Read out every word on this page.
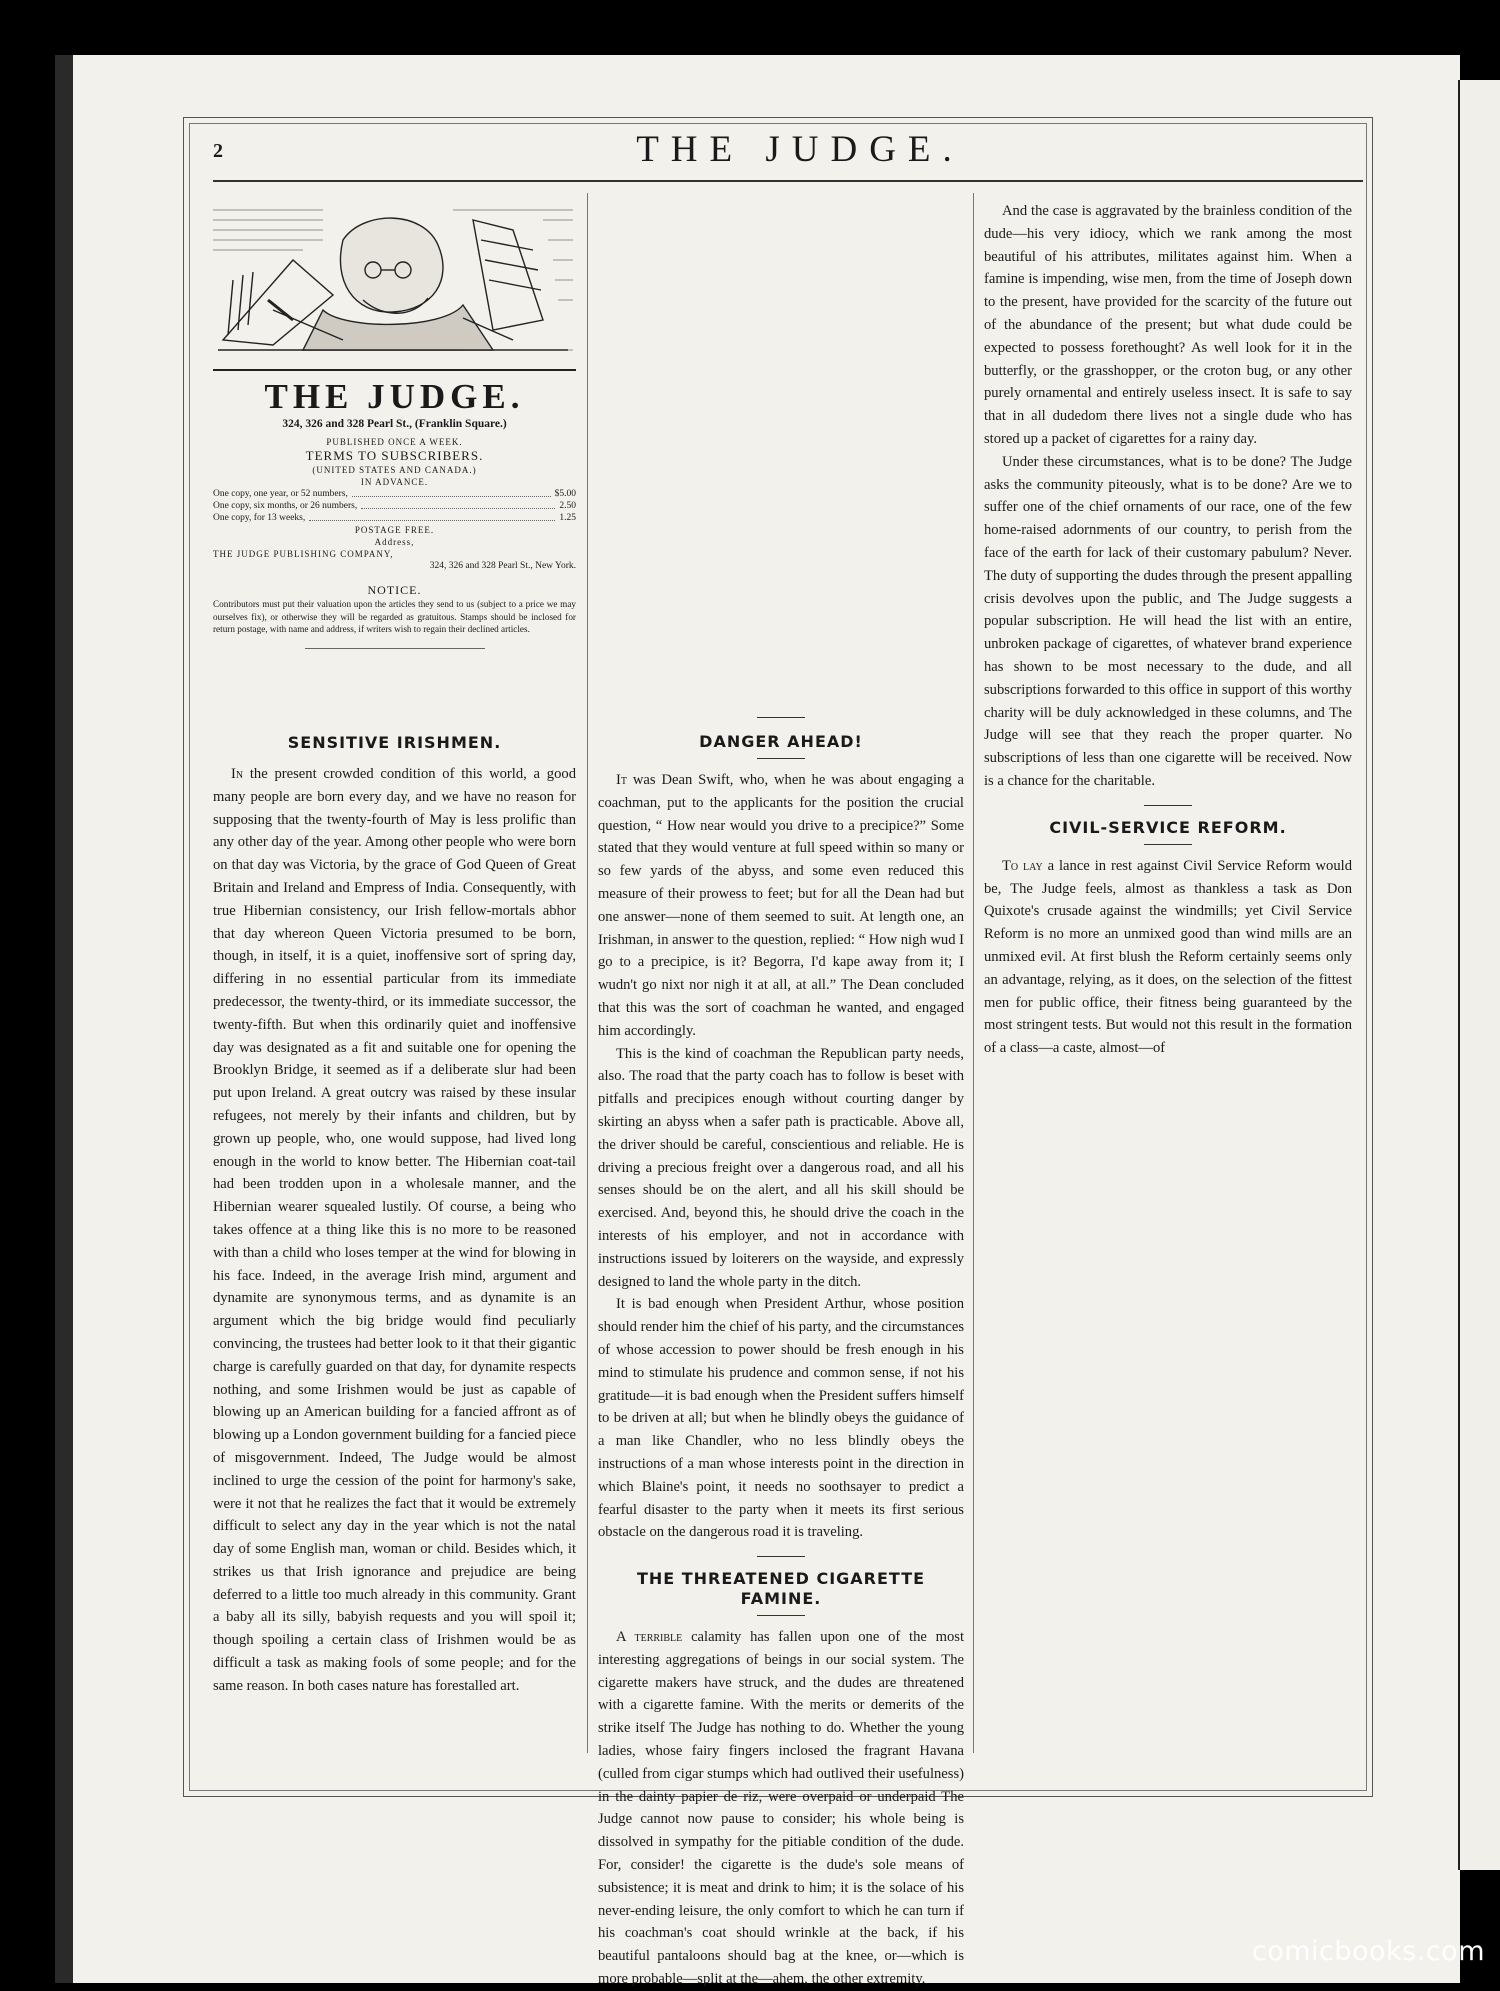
2	THE JUDGE.
THE JUDGE.
324, 326 and 328 Pearl St., (Franklin Square.)
PUBLISHED ONCE A WEEK.
TERMS TO SUBSCRIBERS.
(UNITED STATES AND CANADA.)
IN ADVANCE.
One copy, one year, or 52 numbers,	$5.00
One copy, six months, or 26 numbers,	2.50
One copy, for 13 weeks,	1.25
POSTAGE FREE.
Address,
THE JUDGE PUBLISHING COMPANY,
324, 326 and 328 Pearl St., New York.
NOTICE.
Contributors must put their valuation upon the articles they send to us (subject to a price we may ourselves fix), or otherwise they will be regarded as gratuitous. Stamps should be inclosed for return postage, with name and address, if writers wish to regain their declined articles.
SENSITIVE IRISHMEN.

In the present crowded condition of this world, a good many people are born every day, and we have no reason for supposing that the twenty-fourth of May is less prolific than any other day of the year. Among other people who were born on that day was Victoria, by the grace of God Queen of Great Britain and Ireland and Empress of India. Consequently, with true Hibernian consistency, our Irish fellow-mortals abhor that day whereon Queen Victoria presumed to be born, though, in itself, it is a quiet, inoffensive sort of spring day, differing in no essential particular from its immediate predecessor, the twenty-third, or its immediate successor, the twenty-fifth. But when this ordinarily quiet and inoffensive day was designated as a fit and suitable one for opening the Brooklyn Bridge, it seemed as if a deliberate slur had been put upon Ireland. A great outcry was raised by these insular refugees, not merely by their infants and children, but by grown up people, who, one would suppose, had lived long enough in the world to know better. The Hibernian coat-tail had been trodden upon in a wholesale manner, and the Hibernian wearer squealed lustily. Of course, a being who takes offence at a thing like this is no more to be reasoned with than a child who loses temper at the wind for blowing in his face. Indeed, in the average Irish mind, argument and dynamite are synonymous terms, and as dynamite is an argument which the big bridge would find peculiarly convincing, the trustees had better look to it that their gigantic charge is carefully guarded on that day, for dynamite respects nothing, and some Irishmen would be just as capable of blowing up an American building for a fancied affront as of blowing up a London government building for a fancied piece of misgovernment. Indeed, The Judge would be almost inclined to urge the cession of the point for harmony's sake, were it not that he realizes the fact that it would be extremely difficult to select any day in the year which is not the natal day of some English man, woman or child. Besides which, it strikes us that Irish ignorance and prejudice are being deferred to a little too much already in this community. Grant a baby all its silly, babyish requests and you will spoil it; though spoiling a certain class of Irishmen would be as difficult a task as making fools of some people; and for the same reason. In both cases nature has forestalled art.

DANGER AHEAD!

It was Dean Swift, who, when he was about engaging a coachman, put to the applicants for the position the crucial question, “ How near would you drive to a precipice?” Some stated that they would venture at full speed within so many or so few yards of the abyss, and some even reduced this measure of their prowess to feet; but for all the Dean had but one answer—none of them seemed to suit. At length one, an Irishman, in answer to the question, replied: “ How nigh wud I go to a precipice, is it? Begorra, I'd kape away from it; I wudn't go nixt nor nigh it at all, at all.” The Dean concluded that this was the sort of coachman he wanted, and engaged him accordingly.

This is the kind of coachman the Republican party needs, also. The road that the party coach has to follow is beset with pitfalls and precipices enough without courting danger by skirting an abyss when a safer path is practicable. Above all, the driver should be careful, conscientious and reliable. He is driving a precious freight over a dangerous road, and all his senses should be on the alert, and all his skill should be exercised. And, beyond this, he should drive the coach in the interests of his employer, and not in accordance with instructions issued by loiterers on the wayside, and expressly designed to land the whole party in the ditch.

It is bad enough when President Arthur, whose position should render him the chief of his party, and the circumstances of whose accession to power should be fresh enough in his mind to stimulate his prudence and common sense, if not his gratitude—it is bad enough when the President suffers himself to be driven at all; but when he blindly obeys the guidance of a man like Chandler, who no less blindly obeys the instructions of a man whose interests point in the direction in which Blaine's point, it needs no soothsayer to predict a fearful disaster to the party when it meets its first serious obstacle on the dangerous road it is traveling.

THE THREATENED CIGARETTE FAMINE.

A terrible calamity has fallen upon one of the most interesting aggregations of beings in our social system. The cigarette makers have struck, and the dudes are threatened with a cigarette famine. With the merits or demerits of the strike itself The Judge has nothing to do. Whether the young ladies, whose fairy fingers inclosed the fragrant Havana (culled from cigar stumps which had outlived their usefulness) in the dainty papier de riz, were overpaid or underpaid The Judge cannot now pause to consider; his whole being is dissolved in sympathy for the pitiable condition of the dude. For, consider! the cigarette is the dude's sole means of subsistence; it is meat and drink to him; it is the solace of his never-ending leisure, the only comfort to which he can turn if his coachman's coat should wrinkle at the back, if his beautiful pantaloons should bag at the knee, or—which is more probable—split at the—ahem, the other extremity.

And the case is aggravated by the brainless condition of the dude—his very idiocy, which we rank among the most beautiful of his attributes, militates against him. When a famine is impending, wise men, from the time of Joseph down to the present, have provided for the scarcity of the future out of the abundance of the present; but what dude could be expected to possess forethought? As well look for it in the butterfly, or the grasshopper, or the croton bug, or any other purely ornamental and entirely useless insect. It is safe to say that in all dudedom there lives not a single dude who has stored up a packet of cigarettes for a rainy day.

Under these circumstances, what is to be done? The Judge asks the community piteously, what is to be done? Are we to suffer one of the chief ornaments of our race, one of the few home-raised adornments of our country, to perish from the face of the earth for lack of their customary pabulum? Never. The duty of supporting the dudes through the present appalling crisis devolves upon the public, and The Judge suggests a popular subscription. He will head the list with an entire, unbroken package of cigarettes, of whatever brand experience has shown to be most necessary to the dude, and all subscriptions forwarded to this office in support of this worthy charity will be duly acknowledged in these columns, and The Judge will see that they reach the proper quarter. No subscriptions of less than one cigarette will be received. Now is a chance for the charitable.

CIVIL-SERVICE REFORM.

To lay a lance in rest against Civil Service Reform would be, The Judge feels, almost as thankless a task as Don Quixote's crusade against the windmills; yet Civil Service Reform is no more an unmixed good than wind mills are an unmixed evil. At first blush the Reform certainly seems only an advantage, relying, as it does, on the selection of the fittest men for public office, their fitness being guaranteed by the most stringent tests. But would not this result in the formation of a class—a caste, almost—of

comicbooks.com
